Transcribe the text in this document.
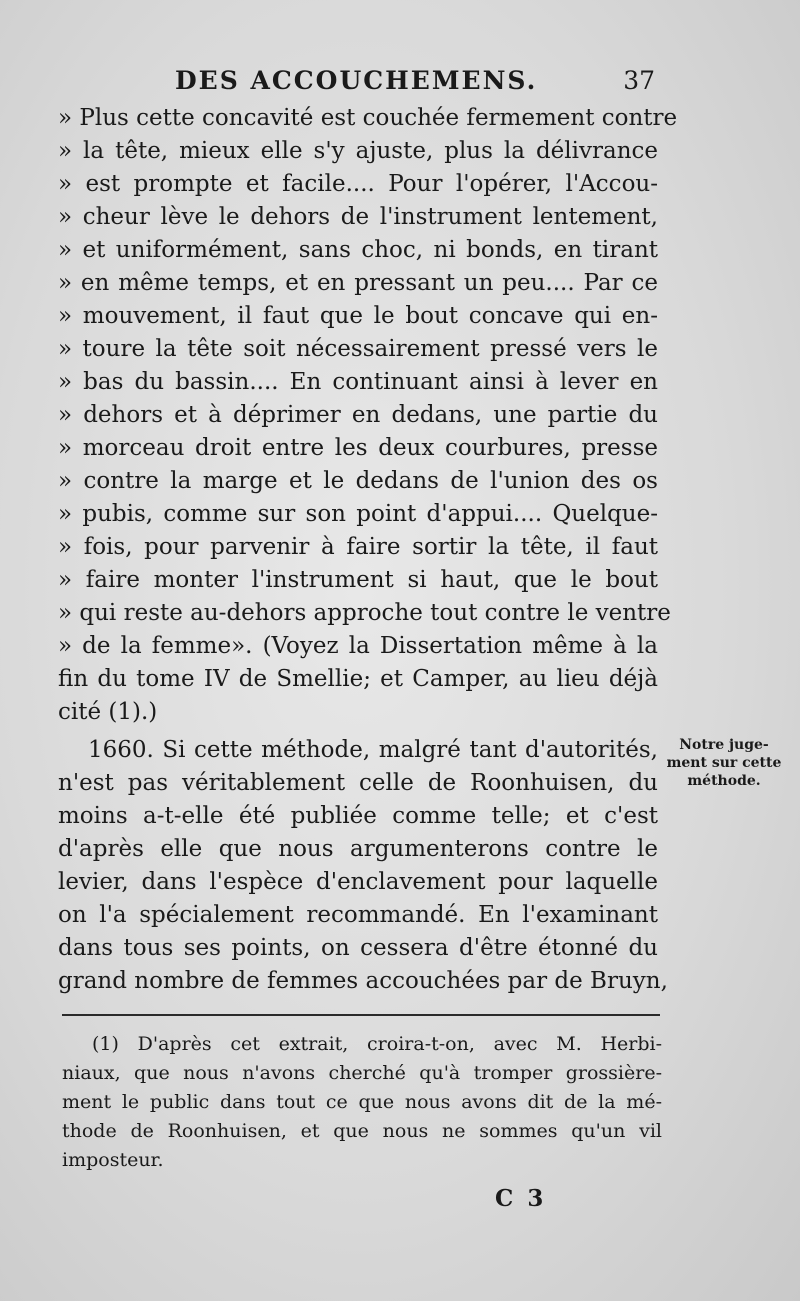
DES ACCOUCHEMENS.	37
» Plus cette concavité est couchée fermement contre
» la tête, mieux elle s'y ajuste, plus la délivrance
» est prompte et facile.... Pour l'opérer, l'Accou-
» cheur lève le dehors de l'instrument lentement,
» et uniformément, sans choc, ni bonds, en tirant
» en même temps, et en pressant un peu.... Par ce
» mouvement, il faut que le bout concave qui en-
» toure la tête soit nécessairement pressé vers le
» bas du bassin.... En continuant ainsi à lever en
» dehors et à déprimer en dedans, une partie du
» morceau droit entre les deux courbures, presse
» contre la marge et le dedans de l'union des os
» pubis, comme sur son point d'appui.... Quelque-
» fois, pour parvenir à faire sortir la tête, il faut
» faire monter l'instrument si haut, que le bout
» qui reste au-dehors approche tout contre le ventre
» de la femme». (Voyez la Dissertation même à la
fin du tome IV de Smellie; et Camper, au lieu déjà
cité (1).)
1660. Si cette méthode, malgré tant d'autorités,
n'est pas véritablement celle de Roonhuisen, du
moins a-t-elle été publiée comme telle; et c'est
d'après elle que nous argumenterons contre le
levier, dans l'espèce d'enclavement pour laquelle
on l'a spécialement recommandé. En l'examinant
dans tous ses points, on cessera d'être étonné du
grand nombre de femmes accouchées par de Bruyn,
Notre juge-
ment sur cette
méthode.
(1) D'après cet extrait, croira-t-on, avec M. Herbi-
niaux, que nous n'avons cherché qu'à tromper grossière-
ment le public dans tout ce que nous avons dit de la mé-
thode de Roonhuisen, et que nous ne sommes qu'un vil
imposteur.
C 3
